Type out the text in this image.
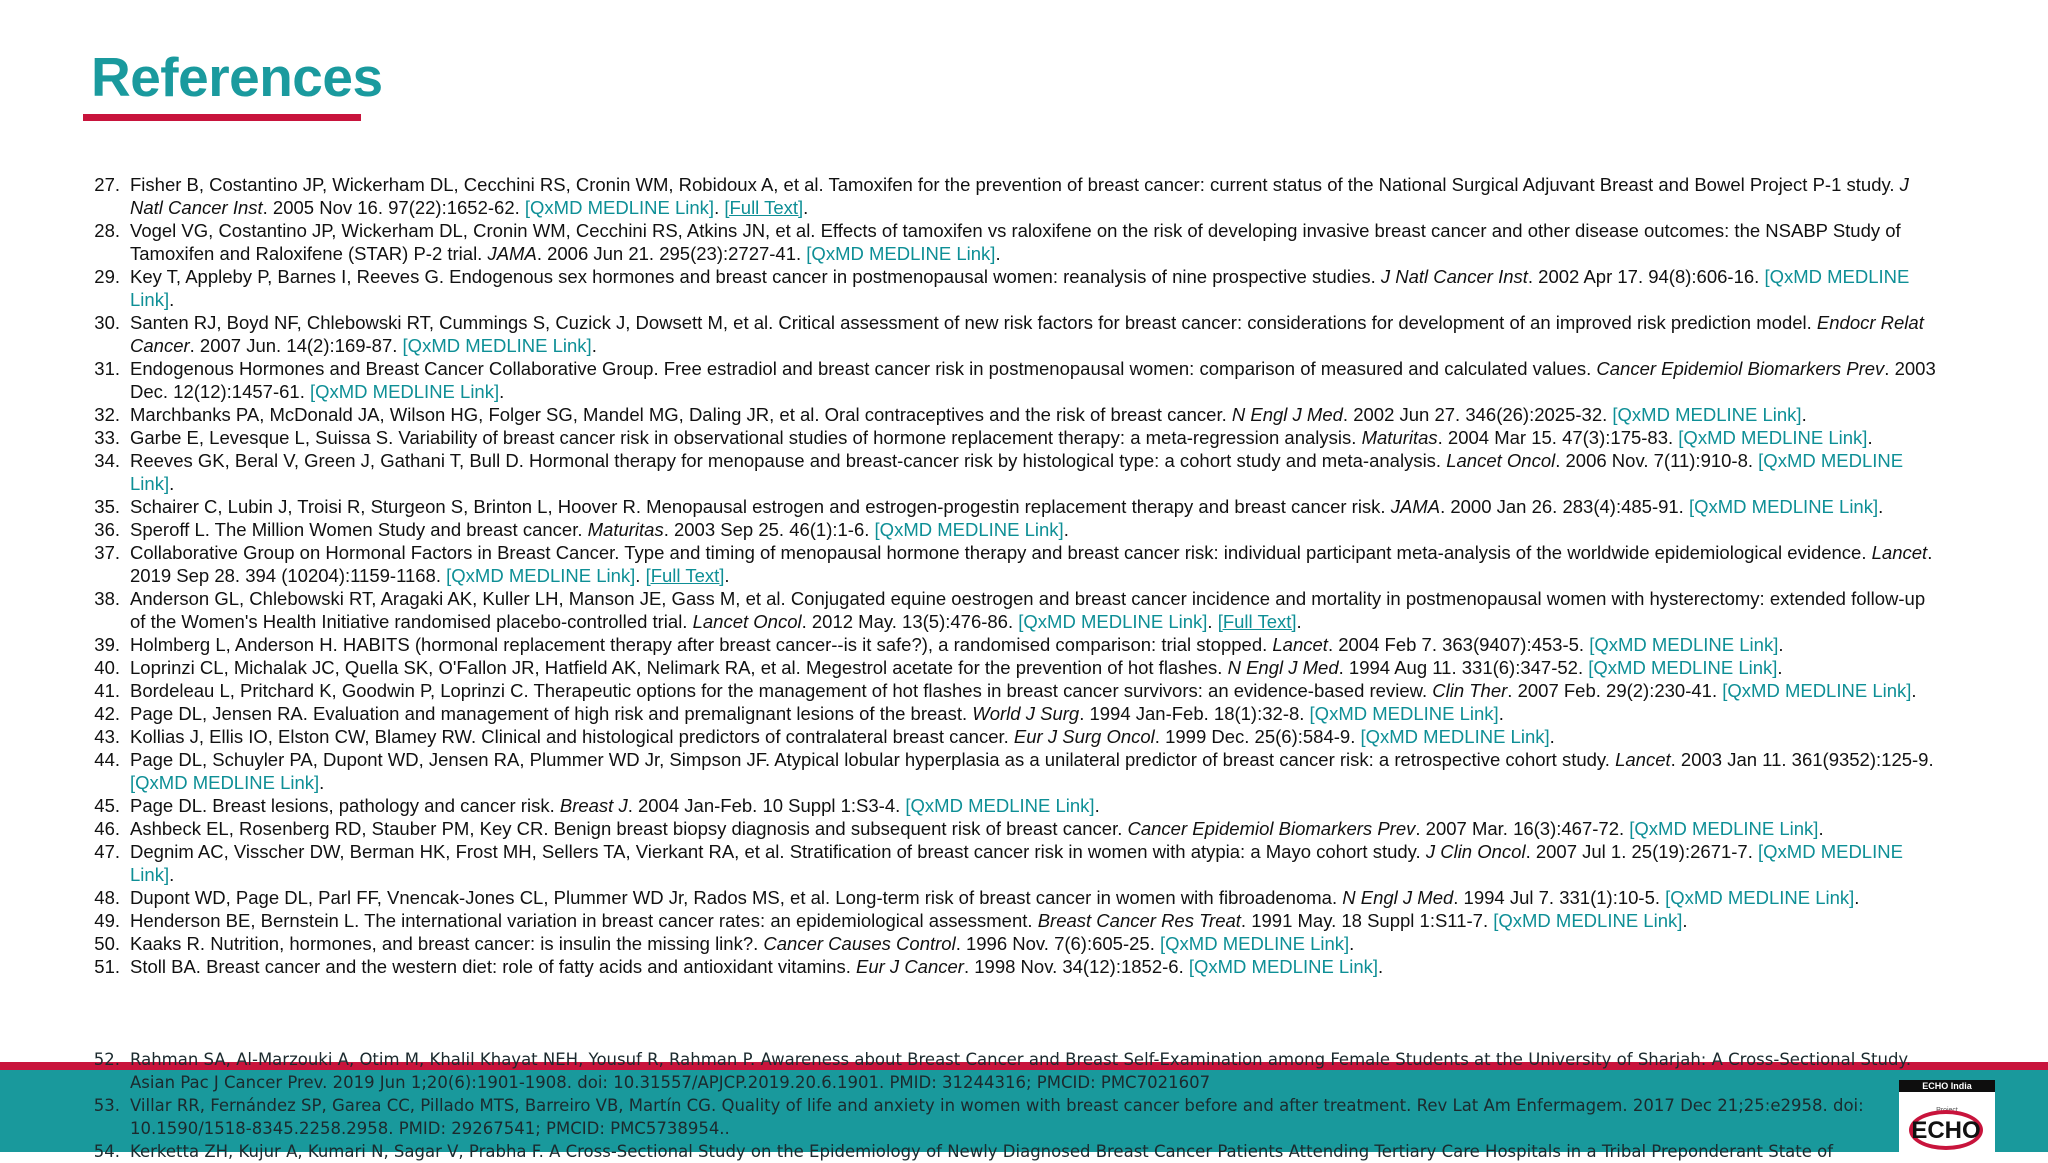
References
27. Fisher B, Costantino JP, Wickerham DL, Cecchini RS, Cronin WM, Robidoux A, et al. Tamoxifen for the prevention of breast cancer: current status of the National Surgical Adjuvant Breast and Bowel Project P-1 study. J Natl Cancer Inst. 2005 Nov 16. 97(22):1652-62. [QxMD MEDLINE Link]. [Full Text].
28. Vogel VG, Costantino JP, Wickerham DL, Cronin WM, Cecchini RS, Atkins JN, et al. Effects of tamoxifen vs raloxifene on the risk of developing invasive breast cancer and other disease outcomes: the NSABP Study of Tamoxifen and Raloxifene (STAR) P-2 trial. JAMA. 2006 Jun 21. 295(23):2727-41. [QxMD MEDLINE Link].
29. Key T, Appleby P, Barnes I, Reeves G. Endogenous sex hormones and breast cancer in postmenopausal women: reanalysis of nine prospective studies. J Natl Cancer Inst. 2002 Apr 17. 94(8):606-16. [QxMD MEDLINE Link].
30. Santen RJ, Boyd NF, Chlebowski RT, Cummings S, Cuzick J, Dowsett M, et al. Critical assessment of new risk factors for breast cancer: considerations for development of an improved risk prediction model. Endocr Relat Cancer. 2007 Jun. 14(2):169-87. [QxMD MEDLINE Link].
31. Endogenous Hormones and Breast Cancer Collaborative Group. Free estradiol and breast cancer risk in postmenopausal women: comparison of measured and calculated values. Cancer Epidemiol Biomarkers Prev. 2003 Dec. 12(12):1457-61. [QxMD MEDLINE Link].
32. Marchbanks PA, McDonald JA, Wilson HG, Folger SG, Mandel MG, Daling JR, et al. Oral contraceptives and the risk of breast cancer. N Engl J Med. 2002 Jun 27. 346(26):2025-32. [QxMD MEDLINE Link].
33. Garbe E, Levesque L, Suissa S. Variability of breast cancer risk in observational studies of hormone replacement therapy: a meta-regression analysis. Maturitas. 2004 Mar 15. 47(3):175-83. [QxMD MEDLINE Link].
34. Reeves GK, Beral V, Green J, Gathani T, Bull D. Hormonal therapy for menopause and breast-cancer risk by histological type: a cohort study and meta-analysis. Lancet Oncol. 2006 Nov. 7(11):910-8. [QxMD MEDLINE Link].
35. Schairer C, Lubin J, Troisi R, Sturgeon S, Brinton L, Hoover R. Menopausal estrogen and estrogen-progestin replacement therapy and breast cancer risk. JAMA. 2000 Jan 26. 283(4):485-91. [QxMD MEDLINE Link].
36. Speroff L. The Million Women Study and breast cancer. Maturitas. 2003 Sep 25. 46(1):1-6. [QxMD MEDLINE Link].
37. Collaborative Group on Hormonal Factors in Breast Cancer. Type and timing of menopausal hormone therapy and breast cancer risk: individual participant meta-analysis of the worldwide epidemiological evidence. Lancet. 2019 Sep 28. 394 (10204):1159-1168. [QxMD MEDLINE Link]. [Full Text].
38. Anderson GL, Chlebowski RT, Aragaki AK, Kuller LH, Manson JE, Gass M, et al. Conjugated equine oestrogen and breast cancer incidence and mortality in postmenopausal women with hysterectomy: extended follow-up of the Women's Health Initiative randomised placebo-controlled trial. Lancet Oncol. 2012 May. 13(5):476-86. [QxMD MEDLINE Link]. [Full Text].
39. Holmberg L, Anderson H. HABITS (hormonal replacement therapy after breast cancer--is it safe?), a randomised comparison: trial stopped. Lancet. 2004 Feb 7. 363(9407):453-5. [QxMD MEDLINE Link].
40. Loprinzi CL, Michalak JC, Quella SK, O'Fallon JR, Hatfield AK, Nelimark RA, et al. Megestrol acetate for the prevention of hot flashes. N Engl J Med. 1994 Aug 11. 331(6):347-52. [QxMD MEDLINE Link].
41. Bordeleau L, Pritchard K, Goodwin P, Loprinzi C. Therapeutic options for the management of hot flashes in breast cancer survivors: an evidence-based review. Clin Ther. 2007 Feb. 29(2):230-41. [QxMD MEDLINE Link].
42. Page DL, Jensen RA. Evaluation and management of high risk and premalignant lesions of the breast. World J Surg. 1994 Jan-Feb. 18(1):32-8. [QxMD MEDLINE Link].
43. Kollias J, Ellis IO, Elston CW, Blamey RW. Clinical and histological predictors of contralateral breast cancer. Eur J Surg Oncol. 1999 Dec. 25(6):584-9. [QxMD MEDLINE Link].
44. Page DL, Schuyler PA, Dupont WD, Jensen RA, Plummer WD Jr, Simpson JF. Atypical lobular hyperplasia as a unilateral predictor of breast cancer risk: a retrospective cohort study. Lancet. 2003 Jan 11. 361(9352):125-9. [QxMD MEDLINE Link].
45. Page DL. Breast lesions, pathology and cancer risk. Breast J. 2004 Jan-Feb. 10 Suppl 1:S3-4. [QxMD MEDLINE Link].
46. Ashbeck EL, Rosenberg RD, Stauber PM, Key CR. Benign breast biopsy diagnosis and subsequent risk of breast cancer. Cancer Epidemiol Biomarkers Prev. 2007 Mar. 16(3):467-72. [QxMD MEDLINE Link].
47. Degnim AC, Visscher DW, Berman HK, Frost MH, Sellers TA, Vierkant RA, et al. Stratification of breast cancer risk in women with atypia: a Mayo cohort study. J Clin Oncol. 2007 Jul 1. 25(19):2671-7. [QxMD MEDLINE Link].
48. Dupont WD, Page DL, Parl FF, Vnencak-Jones CL, Plummer WD Jr, Rados MS, et al. Long-term risk of breast cancer in women with fibroadenoma. N Engl J Med. 1994 Jul 7. 331(1):10-5. [QxMD MEDLINE Link].
49. Henderson BE, Bernstein L. The international variation in breast cancer rates: an epidemiological assessment. Breast Cancer Res Treat. 1991 May. 18 Suppl 1:S11-7. [QxMD MEDLINE Link].
50. Kaaks R. Nutrition, hormones, and breast cancer: is insulin the missing link?. Cancer Causes Control. 1996 Nov. 7(6):605-25. [QxMD MEDLINE Link].
51. Stoll BA. Breast cancer and the western diet: role of fatty acids and antioxidant vitamins. Eur J Cancer. 1998 Nov. 34(12):1852-6. [QxMD MEDLINE Link].
52. Rahman SA, Al-Marzouki A, Otim M, Khalil Khayat NEH, Yousuf R, Rahman P. Awareness about Breast Cancer and Breast Self-Examination among Female Students at the University of Sharjah: A Cross-Sectional Study. Asian Pac J Cancer Prev. 2019 Jun 1;20(6):1901-1908. doi: 10.31557/APJCP.2019.20.6.1901. PMID: 31244316; PMCID: PMC7021607
53. Villar RR, Fernández SP, Garea CC, Pillado MTS, Barreiro VB, Martín CG. Quality of life and anxiety in women with breast cancer before and after treatment. Rev Lat Am Enfermagem. 2017 Dec 21;25:e2958. doi: 10.1590/1518-8345.2258.2958. PMID: 29267541; PMCID: PMC5738954..
54. Kerketta ZH, Kujur A, Kumari N, Sagar V, Prabha F. A Cross-Sectional Study on the Epidemiology of Newly Diagnosed Breast Cancer Patients Attending Tertiary Care Hospitals in a Tribal Preponderant State of
ECHO India
Project
ECHO
